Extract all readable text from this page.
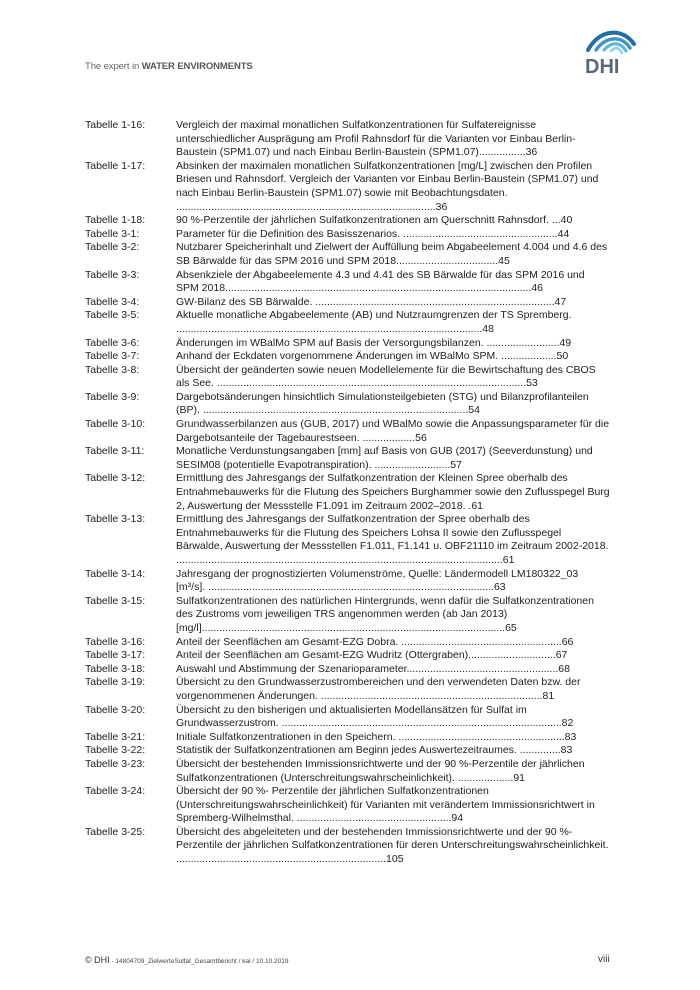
The expert in WATER ENVIRONMENTS	DHI
Tabelle 1-16:	Vergleich der maximal monatlichen Sulfatkonzentrationen für Sulfatereignisse unterschiedlicher Ausprägung am Profil Rahnsdorf für die Varianten vor Einbau Berlin-Baustein (SPM1.07) und nach Einbau Berlin-Baustein (SPM1.07)................36
Tabelle 1-17:	Absinken der maximalen monatlichen Sulfatkonzentrationen [mg/L] zwischen den Profilen Briesen und Rahnsdorf. Vergleich der Varianten vor Einbau Berlin-Baustein (SPM1.07) und nach Einbau Berlin-Baustein (SPM1.07) sowie mit Beobachtungsdaten. .........................................................................................36
Tabelle 1-18:	90 %-Perzentile der jährlichen Sulfatkonzentrationen am Querschnitt Rahnsdorf. ...40
Tabelle 3-1:	Parameter für die Definition des Basisszenarios. .....................................................44
Tabelle 3-2:	Nutzbarer Speicherinhalt und Zielwert der Auffüllung beim Abgabeelement 4.004 und 4.6 des SB Bärwalde für das SPM 2016 und SPM 2018...................................45
Tabelle 3-3:	Absenkziele der Abgabeelemente 4.3 und 4.41 des SB Bärwalde für das SPM 2016 und SPM 2018.........................................................................................................46
Tabelle 3-4:	GW-Bilanz des SB Bärwalde. ..................................................................................47
Tabelle 3-5:	Aktuelle monatliche Abgabeelemente (AB) und Nutzraumgrenzen der TS Spremberg. .........................................................................................................48
Tabelle 3-6:	Änderungen im WBalMo SPM auf Basis der Versorgungsbilanzen. .........................49
Tabelle 3-7:	Anhand der Eckdaten vorgenommene Änderungen im WBalMo SPM. ...................50
Tabelle 3-8:	Übersicht der geänderten sowie neuen Modellelemente für die Bewirtschaftung des CBOS als See. ..........................................................................................................53
Tabelle 3-9:	Dargebotsänderungen hinsichtlich Simulationsteilgebieten (STG) und Bilanzprofilanteilen (BP). ...........................................................................................54
Tabelle 3-10:	Grundwasserbilanzen aus (GUB, 2017) und WBalMo sowie die Anpassungsparameter für die Dargebotsanteile der Tagebaurestseen. ..................56
Tabelle 3-11:	Monatliche Verdunstungsangaben [mm] auf Basis von GUB (2017) (Seeverdunstung) und SESIM08 (potentielle Evapotranspiration). ..........................57
Tabelle 3-12:	Ermittlung des Jahresgangs der Sulfatkonzentration der Kleinen Spree oberhalb des Entnahmebauwerks für die Flutung des Speichers Burghammer sowie den Zuflusspegel Burg 2, Auswertung der Messstelle F1.091 im Zeitraum 2002–2018. .61
Tabelle 3-13:	Ermittlung des Jahresgangs der Sulfatkonzentration der Spree oberhalb des Entnahmebauwerks für die Flutung des Speichers Lohsa II sowie den Zuflusspegel Bärwalde, Auswertung der Messstellen F1.011, F1.141 u. OBF21110 im Zeitraum 2002-2018. ................................................................................................................61
Tabelle 3-14:	Jahresgang der prognostizierten Volumenströme, Quelle: Ländermodell LM180322_03 [m³/s]. ..................................................................................................63
Tabelle 3-15:	Sulfatkonzentrationen des natürlichen Hintergrunds, wenn dafür die Sulfatkonzentrationen des Zustroms vom jeweiligen TRS angenommen werden (ab Jan 2013) [mg/l]........................................................................................................65
Tabelle 3-16:	Anteil der Seenflächen am Gesamt-EZG Dobra. .......................................................66
Tabelle 3-17:	Anteil der Seenflächen am Gesamt-EZG Wudritz (Ottergraben)..............................67
Tabelle 3-18:	Auswahl und Abstimmung der Szenarioparameter....................................................68
Tabelle 3-19:	Übersicht zu den Grundwasserzustrombereichen und den verwendeten Daten bzw. der vorgenommenen Änderungen. ............................................................................81
Tabelle 3-20:	Übersicht zu den bisherigen und aktualisierten Modellansätzen für Sulfat im Grundwasserzustrom. ................................................................................................82
Tabelle 3-21:	Initiale Sulfatkonzentrationen in den Speichern. .........................................................83
Tabelle 3-22:	Statistik der Sulfatkonzentrationen am Beginn jedes Auswertezeitraumes. ..............83
Tabelle 3-23:	Übersicht der bestehenden Immissionsrichtwerte und der 90 %-Perzentile der jährlichen Sulfatkonzentrationen (Unterschreitungswahrscheinlichkeit). ...................91
Tabelle 3-24:	Übersicht der 90 %- Perzentile der jährlichen Sulfatkonzentrationen (Unterschreitungswahrscheinlichkeit) für Varianten mit verändertem Immissionsrichtwert in Spremberg-Wilhelmsthal. .....................................................94
Tabelle 3-25:	Übersicht des abgeleiteten und der bestehenden Immissionsrichtwerte und der 90 %-Perzentile der jährlichen Sulfatkonzentrationen für deren Unterschreitungswahrscheinlichkeit. ........................................................................105
© DHI - 14804709_ZielwerteSulfat_Gesamtbericht / kal / 10.10.2019	viii
